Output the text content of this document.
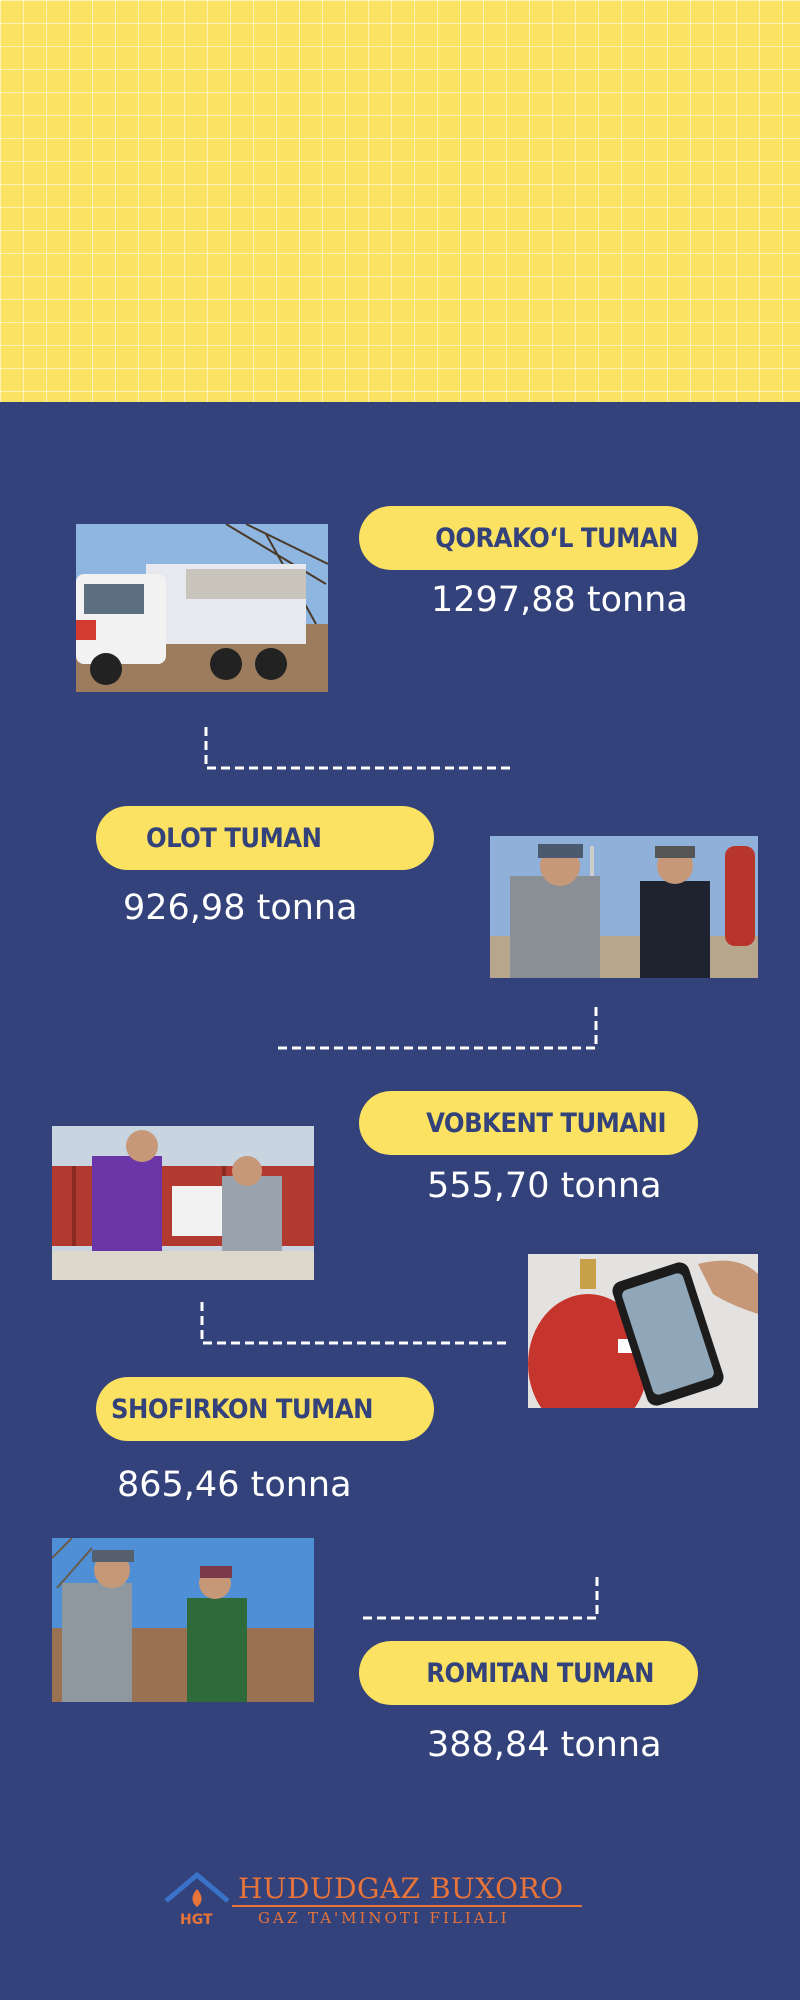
QORAKO‘L TUMAN
1297,88 tonna
OLOT TUMAN
926,98 tonna
VOBKENT TUMANI
555,70 tonna
SHOFIRKON TUMAN
865,46 tonna
ROMITAN TUMAN
388,84 tonna
HGT
HUDUDGAZ BUXORO
GAZ TA'MINOTI FILIALI
